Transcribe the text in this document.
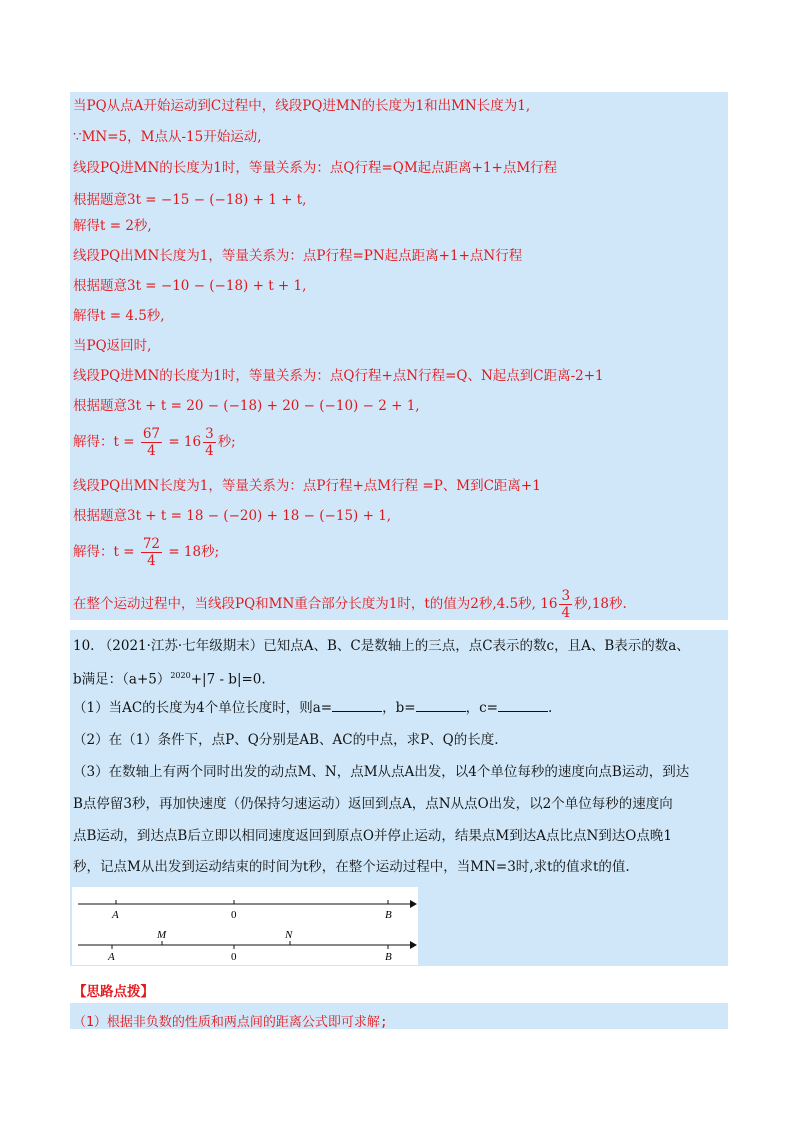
当PQ从点A开始运动到C过程中，线段PQ进MN的长度为1和出MN长度为1,
∵MN=5，M点从-15开始运动,
线段PQ进MN的长度为1时，等量关系为：点Q行程=QM起点距离+1+点M行程
根据题意3t = −15 − (−18) + 1 + t,
解得t = 2秒,
线段PQ出MN长度为1，等量关系为：点P行程=PN起点距离+1+点N行程
根据题意3t = −10 − (−18) + t + 1,
解得t = 4.5秒,
当PQ返回时,
线段PQ进MN的长度为1时，等量关系为：点Q行程+点N行程=Q、N起点到C距离-2+1
根据题意3t + t = 20 − (−18) + 20 − (−10) − 2 + 1,
解得：$t = \frac{67}{4} = 16 \frac{3}{4}$ 秒;
线段PQ出MN长度为1，等量关系为：点P行程+点M行程 =P、M到C距离+1
根据题意3t + t = 18 − (−20) + 18 − (−15) + 1,
解得：$t = \frac{72}{4} = 18$秒;
在整个运动过程中，当线段PQ和MN重合部分长度为1时，t的值为2秒,4.5秒, $16 \frac{3}{4}$ 秒,18秒.
10. （2021·江苏·七年级期末）已知点A、B、C是数轴上的三点，点C表示的数c，且A、B表示的数a、
b满足：$(a+5)^{2020}+|7 - b|=0$.
（1）当AC的长度为4个单位长度时，则a=	，b=	，c=	.
（2）在（1）条件下，点P、Q分别是AB、AC的中点，求P、Q的长度.
（3）在数轴上有两个同时出发的动点M、N，点M从点A出发，以4个单位每秒的速度向点B运动，到达
B点停留3秒，再加快速度（仍保持匀速运动）返回到点A，点N从点O出发，以2个单位每秒的速度向
点B运动，到达点B后立即以相同速度返回到原点O并停止运动，结果点M到达A点比点N到达O点晚1
秒，记点M从出发到运动结束的时间为t秒，在整个运动过程中，当MN=3时,求t的值求t的值.
A	0	B
M	N
A	0	B
【思路点拨】
（1）根据非负数的性质和两点间的距离公式即可求解;
